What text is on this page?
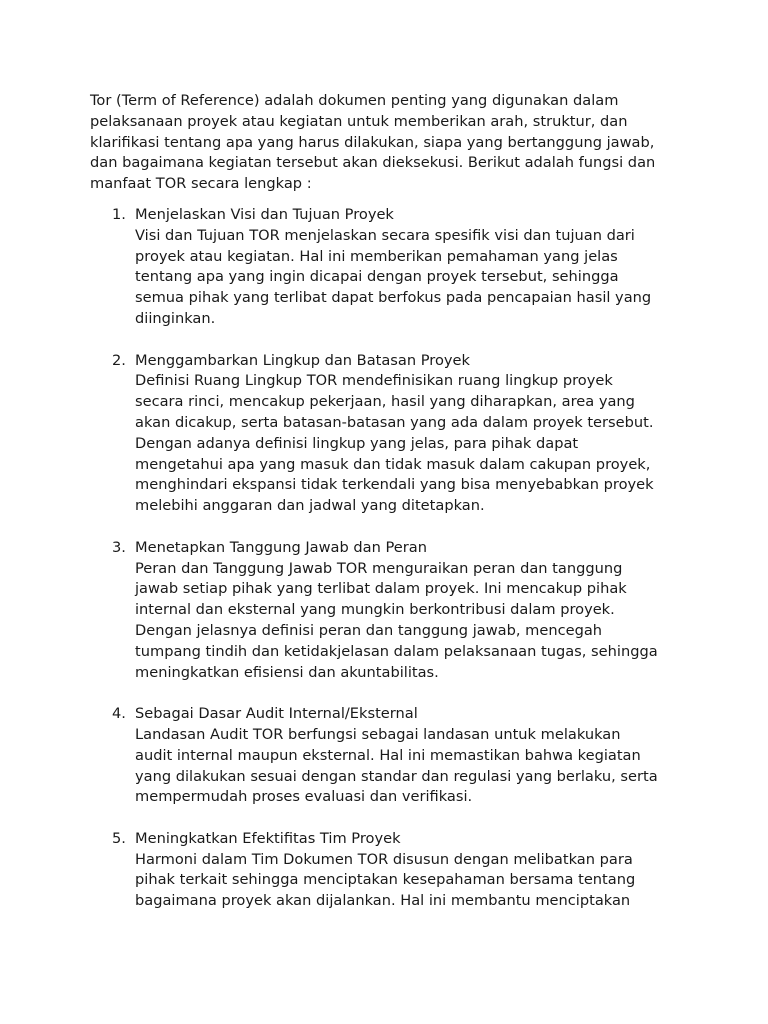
Tor (Term of Reference) adalah dokumen penting yang digunakan dalam
pelaksanaan proyek atau kegiatan untuk memberikan arah, struktur, dan
klarifikasi tentang apa yang harus dilakukan, siapa yang bertanggung jawab,
dan bagaimana kegiatan tersebut akan dieksekusi. Berikut adalah fungsi dan
manfaat TOR secara lengkap :

1. Menjelaskan Visi dan Tujuan Proyek
Visi dan Tujuan TOR menjelaskan secara spesifik visi dan tujuan dari
proyek atau kegiatan. Hal ini memberikan pemahaman yang jelas
tentang apa yang ingin dicapai dengan proyek tersebut, sehingga
semua pihak yang terlibat dapat berfokus pada pencapaian hasil yang
diinginkan.
2. Menggambarkan Lingkup dan Batasan Proyek
Definisi Ruang Lingkup TOR mendefinisikan ruang lingkup proyek
secara rinci, mencakup pekerjaan, hasil yang diharapkan, area yang
akan dicakup, serta batasan-batasan yang ada dalam proyek tersebut.
Dengan adanya definisi lingkup yang jelas, para pihak dapat
mengetahui apa yang masuk dan tidak masuk dalam cakupan proyek,
menghindari ekspansi tidak terkendali yang bisa menyebabkan proyek
melebihi anggaran dan jadwal yang ditetapkan.
3. Menetapkan Tanggung Jawab dan Peran
Peran dan Tanggung Jawab TOR menguraikan peran dan tanggung
jawab setiap pihak yang terlibat dalam proyek. Ini mencakup pihak
internal dan eksternal yang mungkin berkontribusi dalam proyek.
Dengan jelasnya definisi peran dan tanggung jawab, mencegah
tumpang tindih dan ketidakjelasan dalam pelaksanaan tugas, sehingga
meningkatkan efisiensi dan akuntabilitas.
4. Sebagai Dasar Audit Internal/Eksternal
Landasan Audit TOR berfungsi sebagai landasan untuk melakukan
audit internal maupun eksternal. Hal ini memastikan bahwa kegiatan
yang dilakukan sesuai dengan standar dan regulasi yang berlaku, serta
mempermudah proses evaluasi dan verifikasi.
5. Meningkatkan Efektifitas Tim Proyek
Harmoni dalam Tim Dokumen TOR disusun dengan melibatkan para
pihak terkait sehingga menciptakan kesepahaman bersama tentang
bagaimana proyek akan dijalankan. Hal ini membantu menciptakan
